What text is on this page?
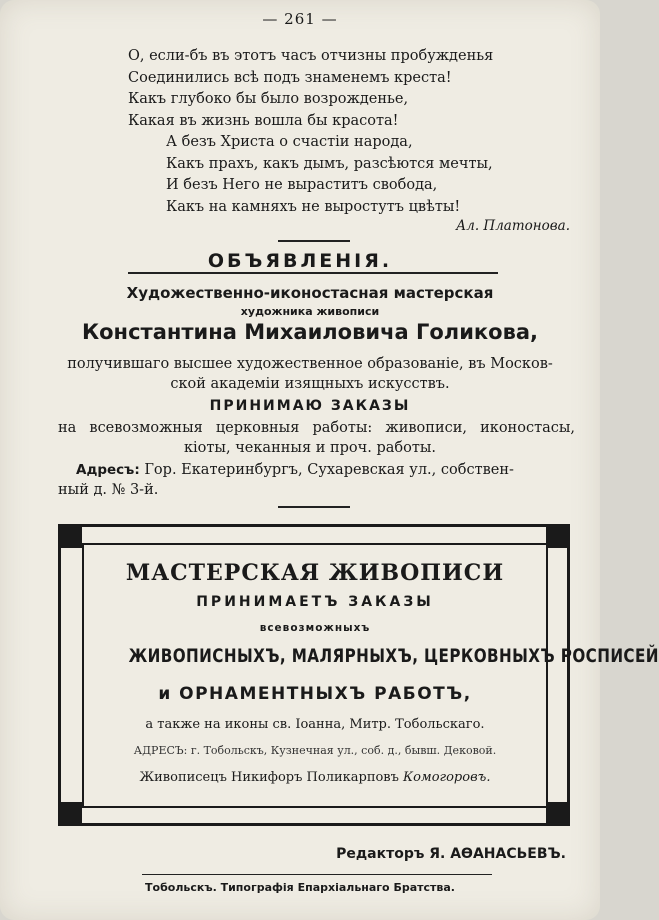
— 261 —
О, если-бъ въ этотъ часъ отчизны пробужденья
Соединились всѣ подъ знаменемъ креста!
Какъ глубоко бы было возрожденье,
Какая въ жизнь вошла бы красота!
А безъ Христа о счастіи народа,
Какъ прахъ, какъ дымъ, разсѣются мечты,
И безъ Него не выраститъ свобода,
Какъ на камняхъ не выростутъ цвѣты!
Ал. Платонова.
ОБЪЯВЛЕНІЯ.
Художественно-иконостасная мастерская
художника живописи
Константина Михаиловича Голикова,
получившаго высшее художественное образованіе, въ Москов-
ской академіи изящныхъ искусствъ.
ПРИНИМАЮ ЗАКАЗЫ
на всевозможныя церковныя работы: живописи, иконостасы,
кіоты, чеканныя и проч. работы.
Адресъ: Гор. Екатеринбургъ, Сухаревская ул., собствен-
ный д. № 3-й.
МАСТЕРСКАЯ ЖИВОПИСИ
ПРИНИМАЕТЪ ЗАКАЗЫ
всевозможныхъ
ЖИВОПИСНЫХЪ, МАЛЯРНЫХЪ, ЦЕРКОВНЫХЪ РОСПИСЕЙ
и ОРНАМЕНТНЫХЪ РАБОТЪ,
а также на иконы св. Іоанна, Митр. Тобольскаго.
АДРЕСЪ: г. Тобольскъ, Кузнечная ул., соб. д., бывш. Дековой.
Живописецъ Никифоръ Поликарповъ Комогоровъ.
Редакторъ Я. АѲАНАСЬЕВЪ.
Тобольскъ. Типографія Епархіальнаго Братства.
